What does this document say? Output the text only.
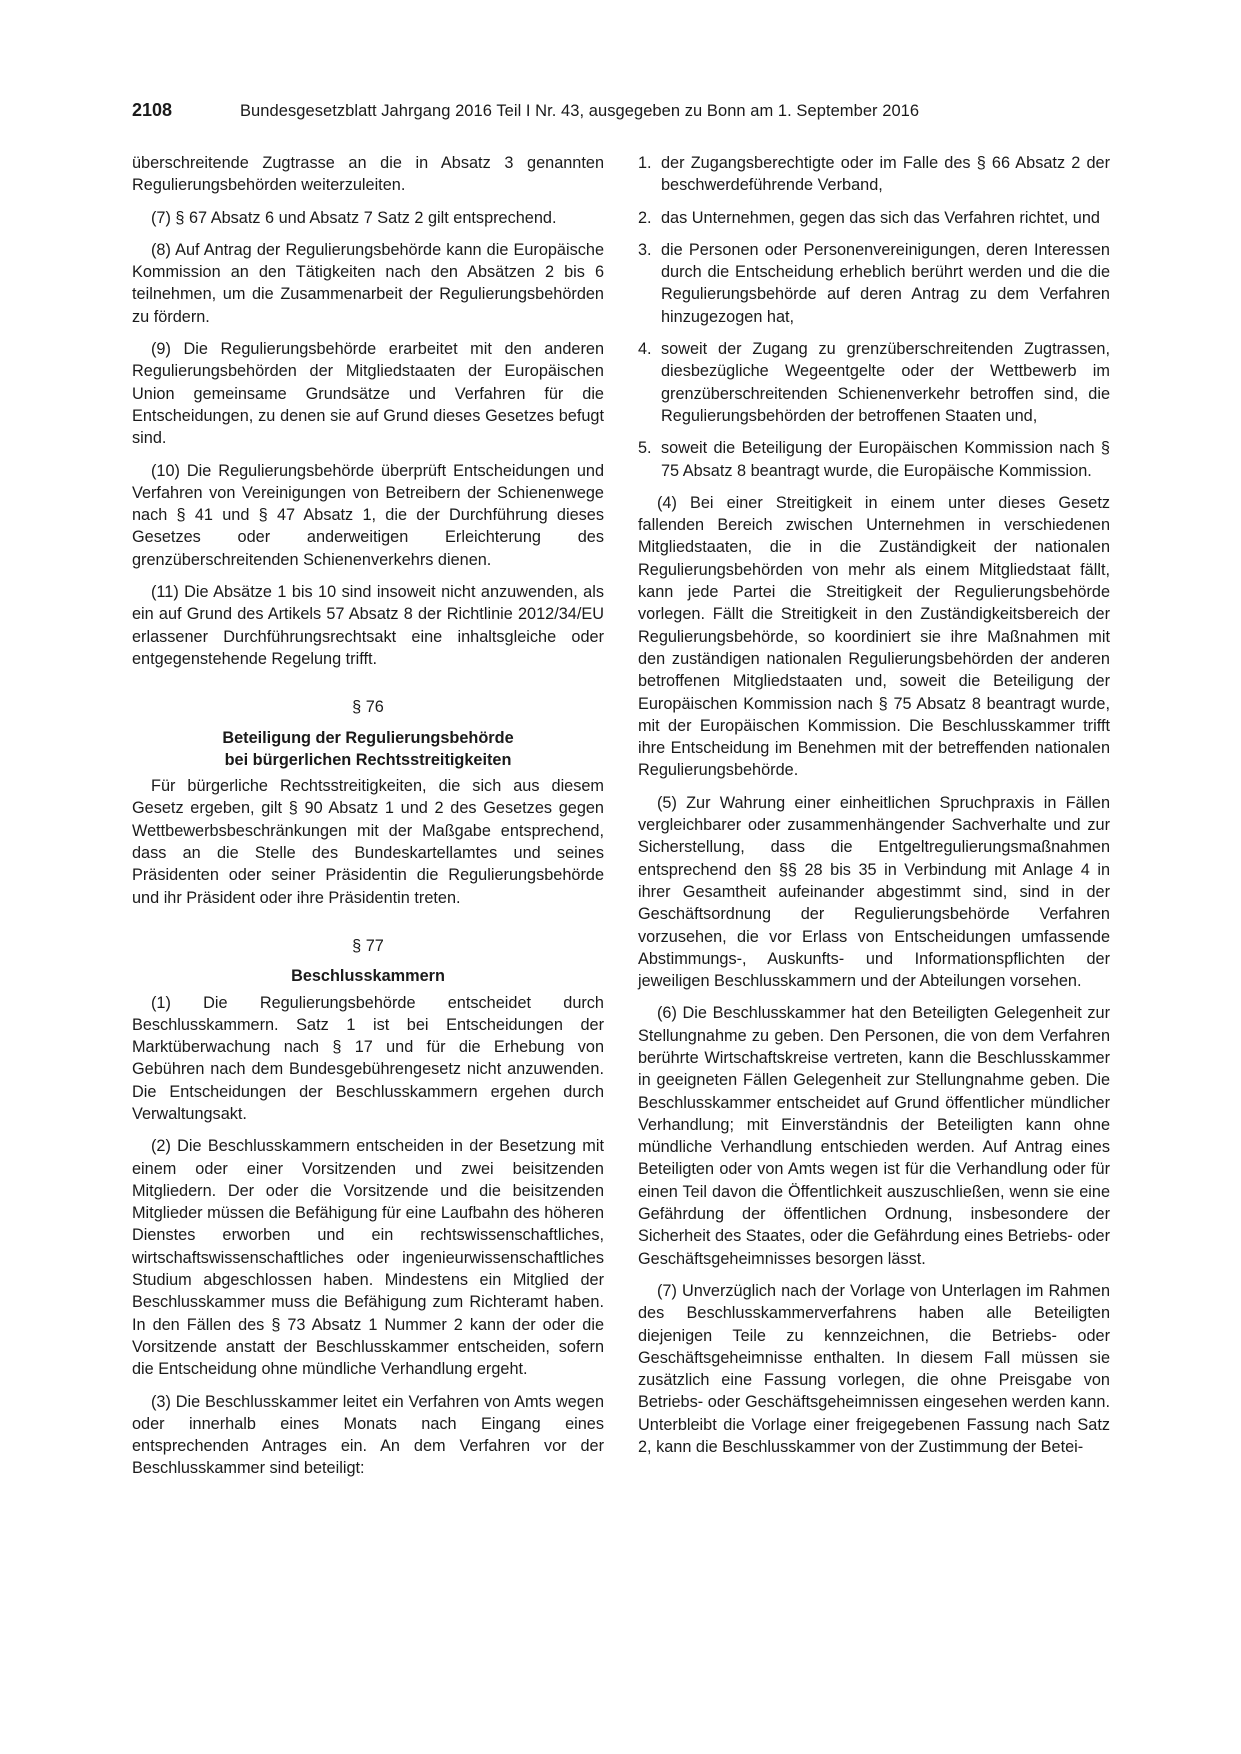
2108	Bundesgesetzblatt Jahrgang 2016 Teil I Nr. 43, ausgegeben zu Bonn am 1. September 2016

überschreitende Zugtrasse an die in Absatz 3 genannten Regulierungsbehörden weiterzuleiten.

(7) § 67 Absatz 6 und Absatz 7 Satz 2 gilt entsprechend.

(8) Auf Antrag der Regulierungsbehörde kann die Europäische Kommission an den Tätigkeiten nach den Absätzen 2 bis 6 teilnehmen, um die Zusammenarbeit der Regulierungsbehörden zu fördern.

(9) Die Regulierungsbehörde erarbeitet mit den anderen Regulierungsbehörden der Mitgliedstaaten der Europäischen Union gemeinsame Grundsätze und Verfahren für die Entscheidungen, zu denen sie auf Grund dieses Gesetzes befugt sind.

(10) Die Regulierungsbehörde überprüft Entscheidungen und Verfahren von Vereinigungen von Betreibern der Schienenwege nach § 41 und § 47 Absatz 1, die der Durchführung dieses Gesetzes oder anderweitigen Erleichterung des grenzüberschreitenden Schienenverkehrs dienen.

(11) Die Absätze 1 bis 10 sind insoweit nicht anzuwenden, als ein auf Grund des Artikels 57 Absatz 8 der Richtlinie 2012/34/EU erlassener Durchführungsrechtsakt eine inhaltsgleiche oder entgegenstehende Regelung trifft.

§ 76
Beteiligung der Regulierungsbehörde
bei bürgerlichen Rechtsstreitigkeiten

Für bürgerliche Rechtsstreitigkeiten, die sich aus diesem Gesetz ergeben, gilt § 90 Absatz 1 und 2 des Gesetzes gegen Wettbewerbsbeschränkungen mit der Maßgabe entsprechend, dass an die Stelle des Bundeskartellamtes und seines Präsidenten oder seiner Präsidentin die Regulierungsbehörde und ihr Präsident oder ihre Präsidentin treten.

§ 77
Beschlusskammern

(1) Die Regulierungsbehörde entscheidet durch Beschlusskammern. Satz 1 ist bei Entscheidungen der Marktüberwachung nach § 17 und für die Erhebung von Gebühren nach dem Bundesgebührengesetz nicht anzuwenden. Die Entscheidungen der Beschlusskammern ergehen durch Verwaltungsakt.

(2) Die Beschlusskammern entscheiden in der Besetzung mit einem oder einer Vorsitzenden und zwei beisitzenden Mitgliedern. Der oder die Vorsitzende und die beisitzenden Mitglieder müssen die Befähigung für eine Laufbahn des höheren Dienstes erworben und ein rechtswissenschaftliches, wirtschaftswissenschaftliches oder ingenieurwissenschaftliches Studium abgeschlossen haben. Mindestens ein Mitglied der Beschlusskammer muss die Befähigung zum Richteramt haben. In den Fällen des § 73 Absatz 1 Nummer 2 kann der oder die Vorsitzende anstatt der Beschlusskammer entscheiden, sofern die Entscheidung ohne mündliche Verhandlung ergeht.

(3) Die Beschlusskammer leitet ein Verfahren von Amts wegen oder innerhalb eines Monats nach Eingang eines entsprechenden Antrages ein. An dem Verfahren vor der Beschlusskammer sind beteiligt:

1. der Zugangsberechtigte oder im Falle des § 66 Absatz 2 der beschwerdeführende Verband,
2. das Unternehmen, gegen das sich das Verfahren richtet, und
3. die Personen oder Personenvereinigungen, deren Interessen durch die Entscheidung erheblich berührt werden und die die Regulierungsbehörde auf deren Antrag zu dem Verfahren hinzugezogen hat,
4. soweit der Zugang zu grenzüberschreitenden Zugtrassen, diesbezügliche Wegeentgelte oder der Wettbewerb im grenzüberschreitenden Schienenverkehr betroffen sind, die Regulierungsbehörden der betroffenen Staaten und,
5. soweit die Beteiligung der Europäischen Kommission nach § 75 Absatz 8 beantragt wurde, die Europäische Kommission.

(4) Bei einer Streitigkeit in einem unter dieses Gesetz fallenden Bereich zwischen Unternehmen in verschiedenen Mitgliedstaaten, die in die Zuständigkeit der nationalen Regulierungsbehörden von mehr als einem Mitgliedstaat fällt, kann jede Partei die Streitigkeit der Regulierungsbehörde vorlegen. Fällt die Streitigkeit in den Zuständigkeitsbereich der Regulierungsbehörde, so koordiniert sie ihre Maßnahmen mit den zuständigen nationalen Regulierungsbehörden der anderen betroffenen Mitgliedstaaten und, soweit die Beteiligung der Europäischen Kommission nach § 75 Absatz 8 beantragt wurde, mit der Europäischen Kommission. Die Beschlusskammer trifft ihre Entscheidung im Benehmen mit der betreffenden nationalen Regulierungsbehörde.

(5) Zur Wahrung einer einheitlichen Spruchpraxis in Fällen vergleichbarer oder zusammenhängender Sachverhalte und zur Sicherstellung, dass die Entgeltregulierungsmaßnahmen entsprechend den §§ 28 bis 35 in Verbindung mit Anlage 4 in ihrer Gesamtheit aufeinander abgestimmt sind, sind in der Geschäftsordnung der Regulierungsbehörde Verfahren vorzusehen, die vor Erlass von Entscheidungen umfassende Abstimmungs-, Auskunfts- und Informationspflichten der jeweiligen Beschlusskammern und der Abteilungen vorsehen.

(6) Die Beschlusskammer hat den Beteiligten Gelegenheit zur Stellungnahme zu geben. Den Personen, die von dem Verfahren berührte Wirtschaftskreise vertreten, kann die Beschlusskammer in geeigneten Fällen Gelegenheit zur Stellungnahme geben. Die Beschlusskammer entscheidet auf Grund öffentlicher mündlicher Verhandlung; mit Einverständnis der Beteiligten kann ohne mündliche Verhandlung entschieden werden. Auf Antrag eines Beteiligten oder von Amts wegen ist für die Verhandlung oder für einen Teil davon die Öffentlichkeit auszuschließen, wenn sie eine Gefährdung der öffentlichen Ordnung, insbesondere der Sicherheit des Staates, oder die Gefährdung eines Betriebs- oder Geschäftsgeheimnisses besorgen lässt.

(7) Unverzüglich nach der Vorlage von Unterlagen im Rahmen des Beschlusskammerverfahrens haben alle Beteiligten diejenigen Teile zu kennzeichnen, die Betriebs- oder Geschäftsgeheimnisse enthalten. In diesem Fall müssen sie zusätzlich eine Fassung vorlegen, die ohne Preisgabe von Betriebs- oder Geschäftsgeheimnissen eingesehen werden kann. Unterbleibt die Vorlage einer freigegebenen Fassung nach Satz 2, kann die Beschlusskammer von der Zustimmung der Betei-
